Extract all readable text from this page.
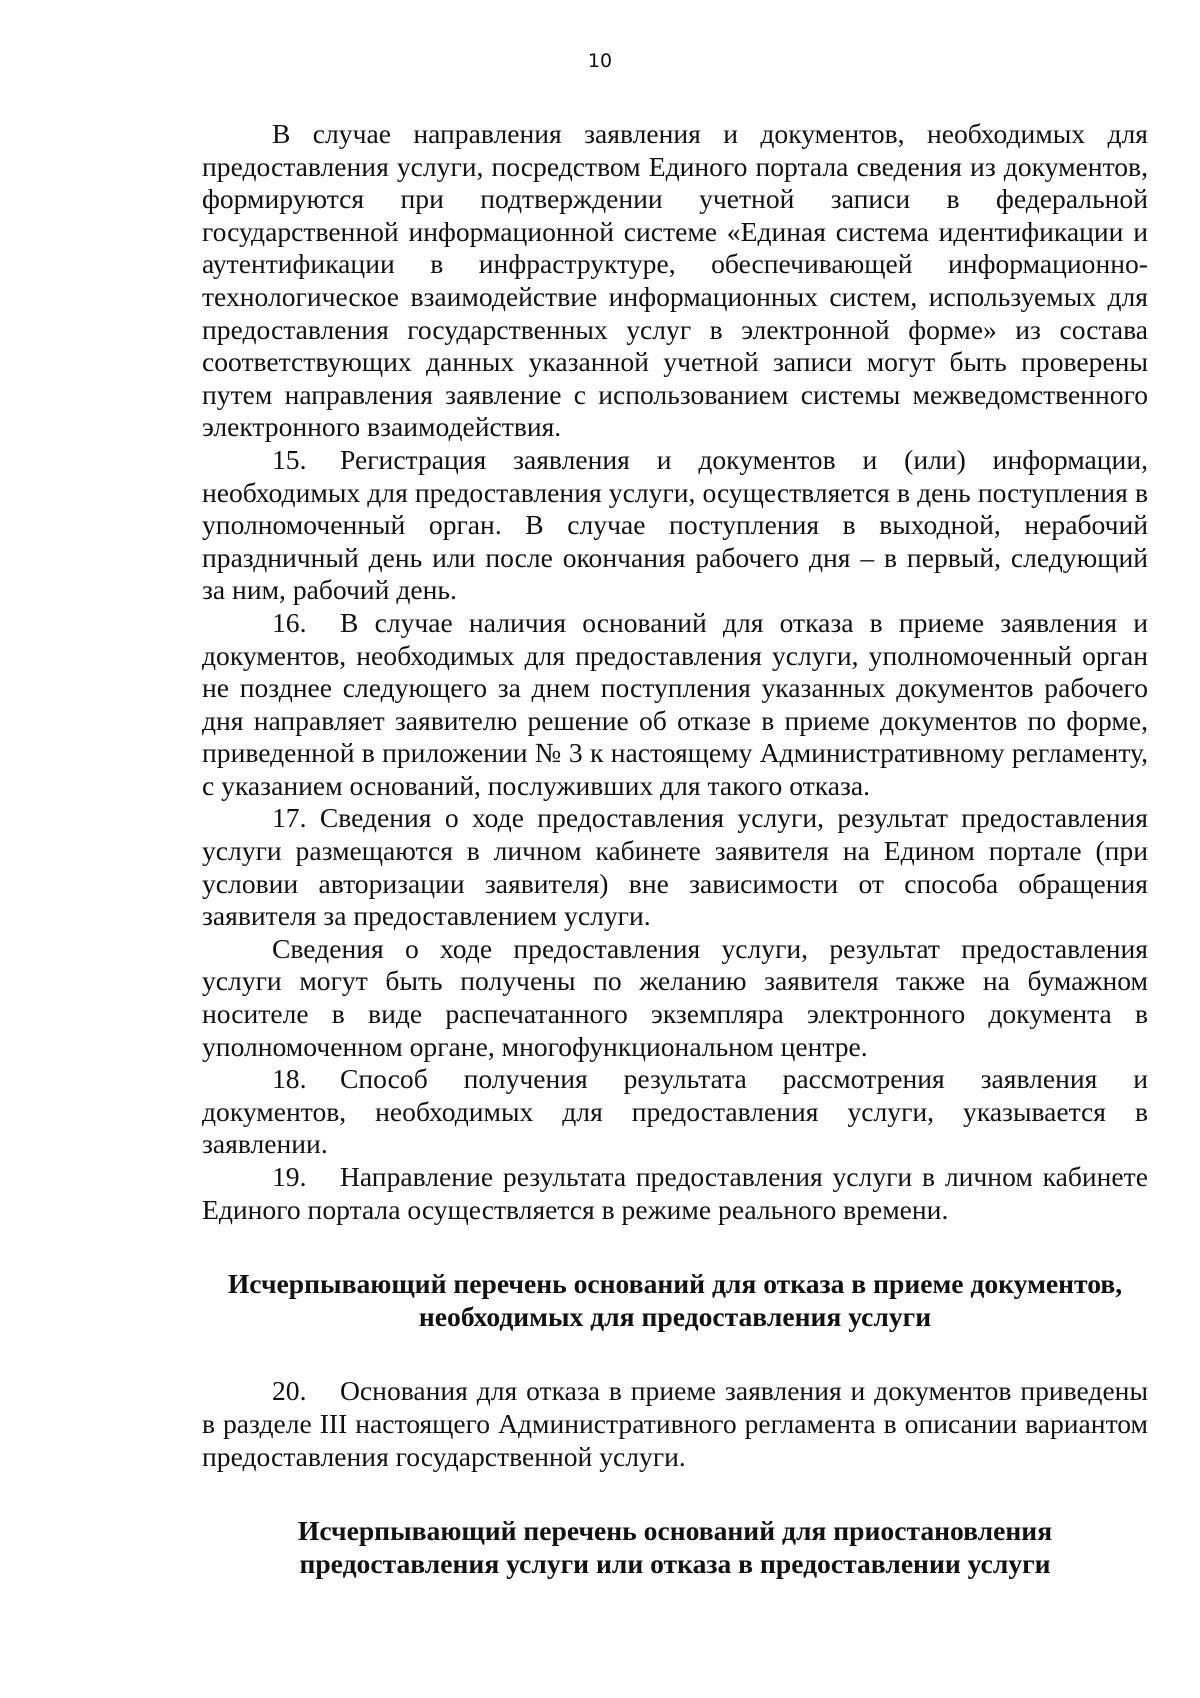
10

В случае направления заявления и документов, необходимых для предоставления услуги, посредством Единого портала сведения из документов, формируются при подтверждении учетной записи в федеральной государственной информационной системе «Единая система идентификации и аутентификации в инфраструктуре, обеспечивающей информационно-технологическое взаимодействие информационных систем, используемых для предоставления государственных услуг в электронной форме» из состава соответствующих данных указанной учетной записи могут быть проверены путем направления заявление с использованием системы межведомственного электронного взаимодействия.

15. Регистрация заявления и документов и (или) информации, необходимых для предоставления услуги, осуществляется в день поступления в уполномоченный орган. В случае поступления в выходной, нерабочий праздничный день или после окончания рабочего дня – в первый, следующий за ним, рабочий день.

16. В случае наличия оснований для отказа в приеме заявления и документов, необходимых для предоставления услуги, уполномоченный орган не позднее следующего за днем поступления указанных документов рабочего дня направляет заявителю решение об отказе в приеме документов по форме, приведенной в приложении № 3 к настоящему Административному регламенту, с указанием оснований, послуживших для такого отказа.

17. Сведения о ходе предоставления услуги, результат предоставления услуги размещаются в личном кабинете заявителя на Едином портале (при условии авторизации заявителя) вне зависимости от способа обращения заявителя за предоставлением услуги.

Сведения о ходе предоставления услуги, результат предоставления услуги могут быть получены по желанию заявителя также на бумажном носителе в виде распечатанного экземпляра электронного документа в уполномоченном органе, многофункциональном центре.

18. Способ получения результата рассмотрения заявления и документов, необходимых для предоставления услуги, указывается в заявлении.

19. Направление результата предоставления услуги в личном кабинете Единого портала осуществляется в режиме реального времени.

Исчерпывающий перечень оснований для отказа в приеме документов,
необходимых для предоставления услуги

20. Основания для отказа в приеме заявления и документов приведены в разделе III настоящего Административного регламента в описании вариантом предоставления государственной услуги.

Исчерпывающий перечень оснований для приостановления
предоставления услуги или отказа в предоставлении услуги
